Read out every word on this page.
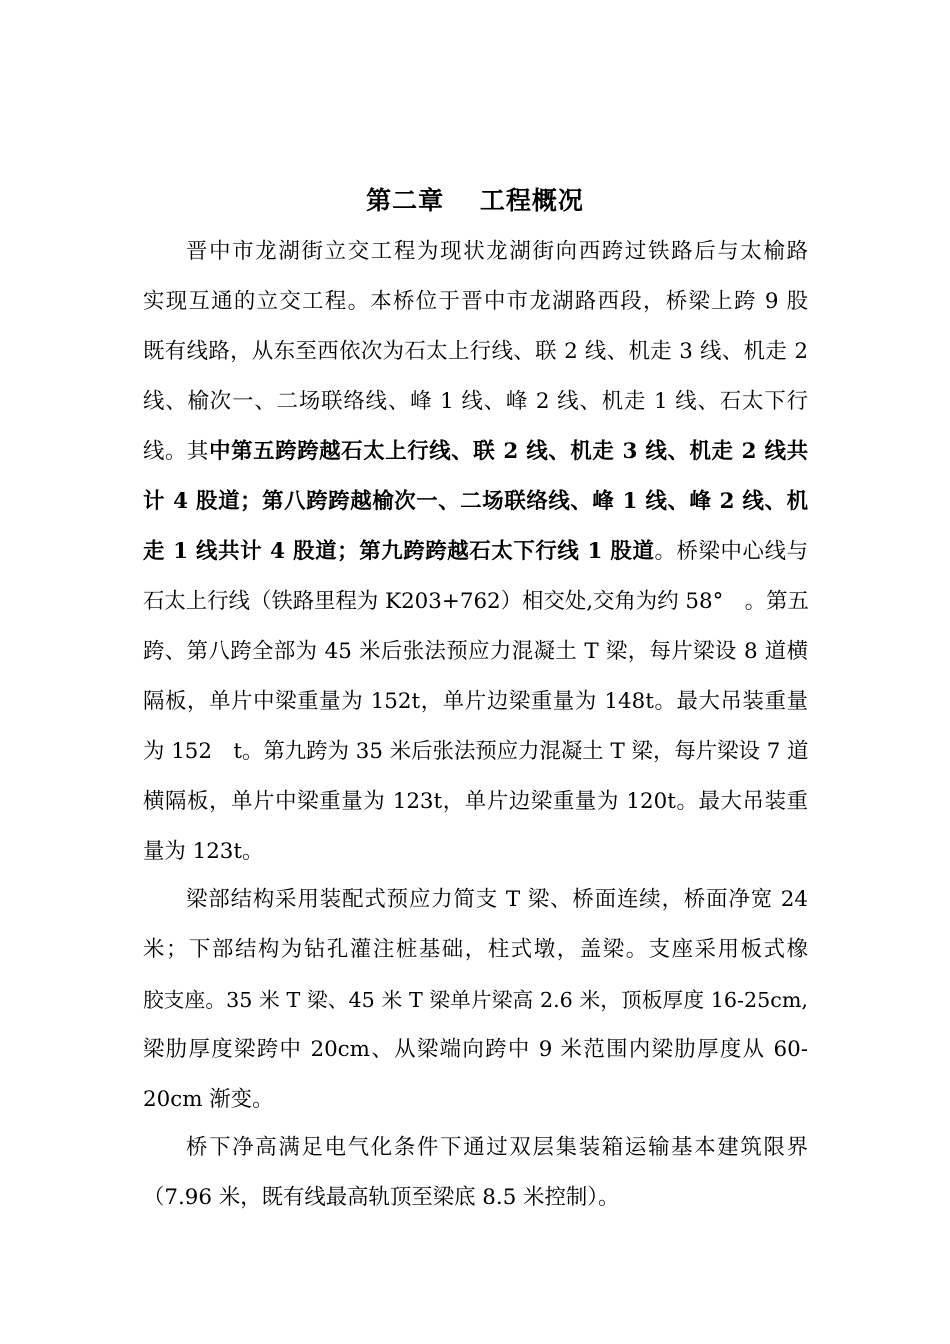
第二章　 工程概况
晋中市龙湖街立交工程为现状龙湖街向西跨过铁路后与太榆路
实现互通的立交工程。本桥位于晋中市龙湖路西段，桥梁上跨 9 股
既有线路，从东至西依次为石太上行线、联 2 线、机走 3 线、机走 2
线、榆次一、二场联络线、峰 1 线、峰 2 线、机走 1 线、石太下行
线。其中第五跨跨越石太上行线、联 2 线、机走 3 线、机走 2 线共
计 4 股道；第八跨跨越榆次一、二场联络线、峰 1 线、峰 2 线、机
走 1 线共计 4 股道；第九跨跨越石太下行线 1 股道。桥梁中心线与
石太上行线（铁路里程为 K203+762）相交处,交角为约 58°　。第五
跨、第八跨全部为 45 米后张法预应力混凝土 T 梁，每片梁设 8 道横
隔板，单片中梁重量为 152t，单片边梁重量为 148t。最大吊装重量
为 152　t。第九跨为 35 米后张法预应力混凝土 T 梁，每片梁设 7 道
横隔板，单片中梁重量为 123t，单片边梁重量为 120t。最大吊装重
量为 123t。
梁部结构采用装配式预应力简支 T 梁、桥面连续，桥面净宽 24
米；下部结构为钻孔灌注桩基础，柱式墩，盖梁。支座采用板式橡
胶支座。35 米 T 梁、45 米 T 梁单片梁高 2.6 米，顶板厚度 16-25cm,
梁肋厚度梁跨中 20cm、从梁端向跨中 9 米范围内梁肋厚度从 60-
20cm 渐变。
桥下净高满足电气化条件下通过双层集装箱运输基本建筑限界
（7.96 米，既有线最高轨顶至梁底 8.5 米控制）。
